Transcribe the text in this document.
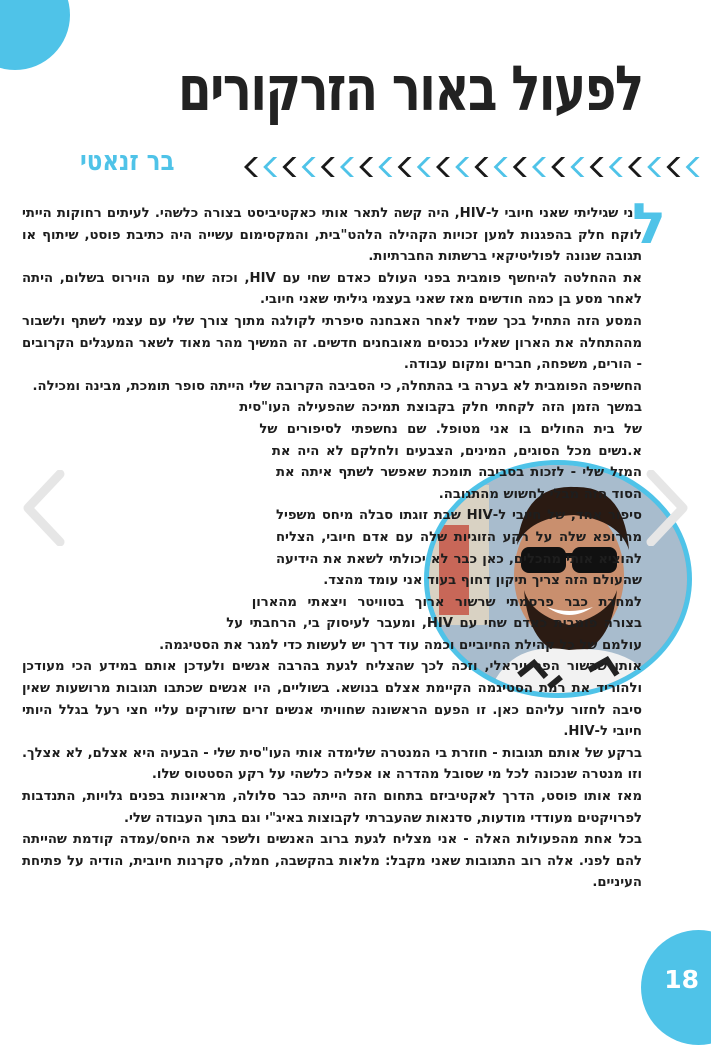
לפעול באור הזרקורים
בר זנאטי
ל

פני שגיליתי שאני חיובי ל-HIV, היה קשה לתאר אותי כאקטיביסט בצורה כלשהי. לעיתים רחוקות הייתי לוקח חלק בהפגנות למען זכויות הקהילה הלהט"בית, והמקסימום עשייה היה כתיבת פוסט, שיתוף או תגובה שנונה לפוליטיקאי ברשתות החברתיות.

את ההחלטה להיחשף פומבית בפני העולם כאדם שחי עם HIV, וכזה שחי עם הוירוס בשלום, היתה לאחר מסע בן כמה חודשים מאז שאני בעצמי גיליתי שאני חיובי.

המסע הזה התחיל בכך שמיד לאחר האבחנה סיפרתי לקולגה מתוך צורך שלי עם עצמי לשתף ולשבור מההתחלה את הארון שאליו נכנסים מאובחנים חדשים. זה המשיך מהר מאוד לשאר המעגלים הקרובים - הורים, משפחה, חברים ומקום עבודה.

החשיפה הפומבית לא בערה בי בהתחלה, כי הסביבה הקרובה שלי הייתה סופר תומכת, מבינה ומכילה.

במשך הזמן הזה לקחתי חלק בקבוצת תמיכה שהפעילה העו"סית של בית החולים בו אני מטופל. שם נחשפתי לסיפורים של א.נשים מכל הסוגים, המינים, הצבעים ולחלקם לא היה את המזל שלי - לזכות בסביבה תומכת שאפשר לשתף איתה את הסוד הזה מבלי לחשוש מהתגובה.

סיפור אחד, של חיובי ל-HIV שבת זוגתו סבלה מיחס משפיל מהרופא שלה על רקע הזוגיות שלה עם אדם חיובי, הצליח להוציא אותי מהכלים, כאן כבר לא יכולתי לשאת את הידיעה שהעולם הזה צריך תיקון דחוף בעוד אני עומד מהצד.

למחרת כבר פרסמתי שרשור ארוך בטוויטר ויצאתי מהארון בצורה פומבית כאדם שחי עם HIV, ומעבר לעיסוק בי, הרחבתי על עולמם של כל קהילת החיוביים וכמה עוד דרך יש לעשות כדי למגר את הסטיגמה.

אותו שרשור הפך ויראלי, וזכה לכך שהצליח לגעת בהרבה אנשים ולעדכן אותם במידע הכי מעודכן ולהוריד את רמת הסטיגמה הקיימת אצלם בנושא. בשוליים, היו אנשים שכתבו תגובות מרושעות שאין סיבה לחזור עליהם כאן. זו הפעם הראשונה שחוויתי אנשים זרים שזורקים עליי חצי רעל בגלל היותי חיובי ל-HIV.

ברקע של אותם תגובות - חוזרת בי המנטרה שלימדה אותי העו"סית שלי - הבעיה היא אצלם, לא אצלך. וזו מנטרה שנכונה לכל מי שסובל מהדרה או אפליה כלשהי על רקע הסטטוס שלו.

מאז אותו פוסט, הדרך לאקטיביזם בתחום הזה הייתה כבר סלולה, מראיונות בפנים גלויות, התנדבות לפרויקטים מעודדי מודעות, סדנאות שהעברתי לקבוצות באיג"י וגם בתוך העבודה שלי.

בכל אחת מהפעולות האלה - אני מצליח לגעת ברוב האנשים ולשפר את היחס/עמדה קודמת שהייתה להם לפני. אלה רוב התגובות שאני מקבל: מלאות בהקשבה, חמלה, סקרנות חיובית, הודיה על פתיחת העיניים.

18
